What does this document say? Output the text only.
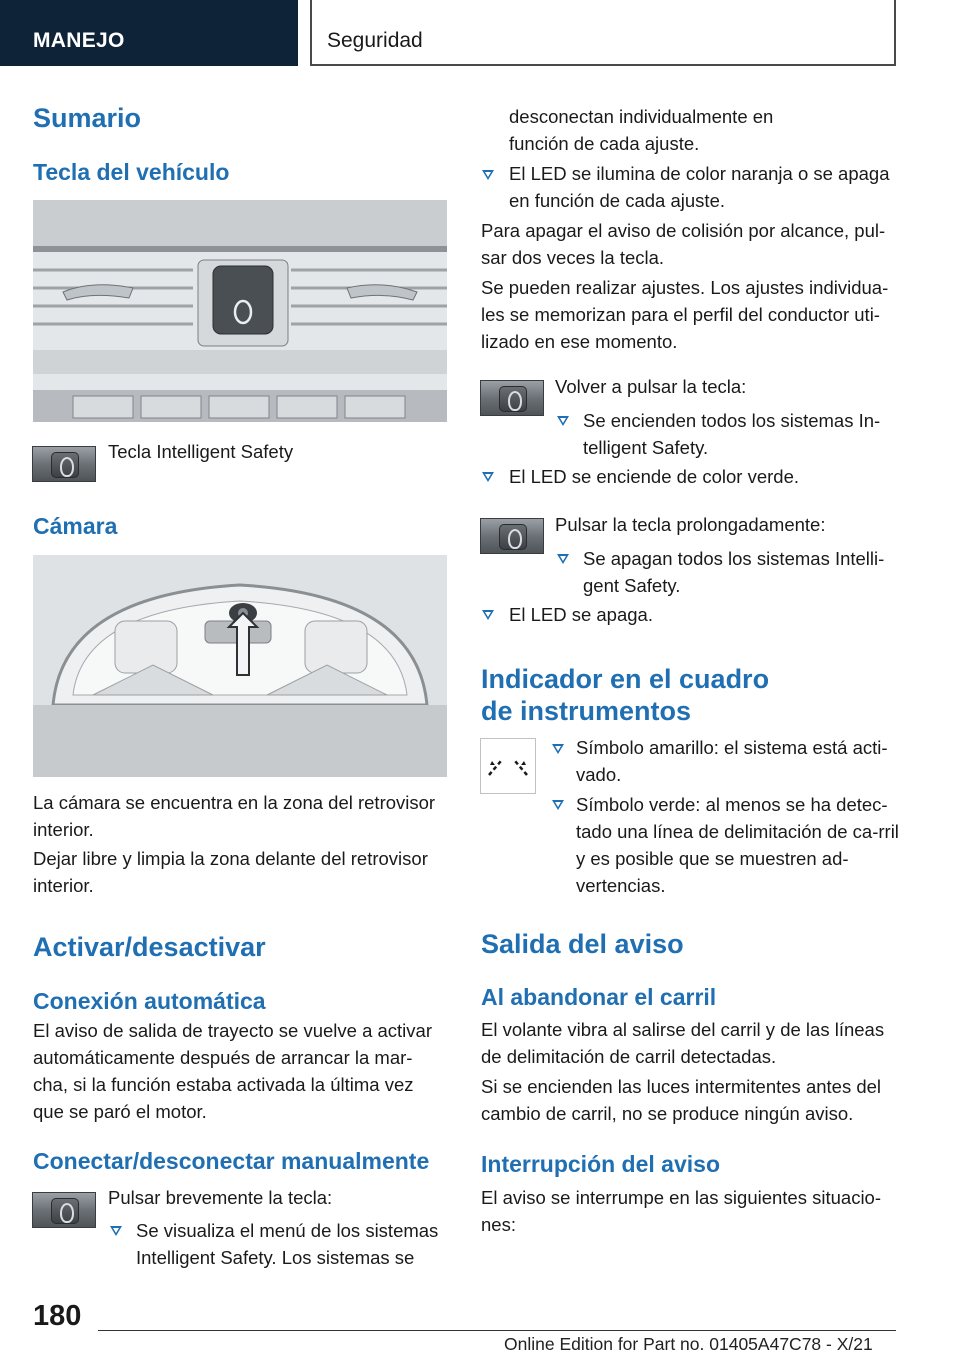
MANEJO	Seguridad
Sumario
Tecla del vehículo
Tecla Intelligent Safety
Cámara
La cámara se encuentra en la zona del retrovisor interior.
Dejar libre y limpia la zona delante del retrovisor interior.
Activar/desactivar
Conexión automática
El aviso de salida de trayecto se vuelve a activar automáticamente después de arrancar la mar-cha, si la función estaba activada la última vez que se paró el motor.
Conectar/desconectar manualmente
Pulsar brevemente la tecla:
Se visualiza el menú de los sistemas Intelligent Safety. Los sistemas se
desconectan individualmente en función de cada ajuste.
El LED se ilumina de color naranja o se apaga en función de cada ajuste.
Para apagar el aviso de colisión por alcance, pul-sar dos veces la tecla.
Se pueden realizar ajustes. Los ajustes individua-les se memorizan para el perfil del conductor uti-lizado en ese momento.
Volver a pulsar la tecla:
Se encienden todos los sistemas In-telligent Safety.
El LED se enciende de color verde.
Pulsar la tecla prolongadamente:
Se apagan todos los sistemas Intelli-gent Safety.
El LED se apaga.
Indicador en el cuadro de instrumentos
Símbolo amarillo: el sistema está acti-vado.
Símbolo verde: al menos se ha detec-tado una línea de delimitación de ca-rril y es posible que se muestren ad-vertencias.
Salida del aviso
Al abandonar el carril
El volante vibra al salirse del carril y de las líneas de delimitación de carril detectadas.
Si se encienden las luces intermitentes antes del cambio de carril, no se produce ningún aviso.
Interrupción del aviso
El aviso se interrumpe en las siguientes situacio-nes:
180
Online Edition for Part no. 01405A47C78 - X/21
